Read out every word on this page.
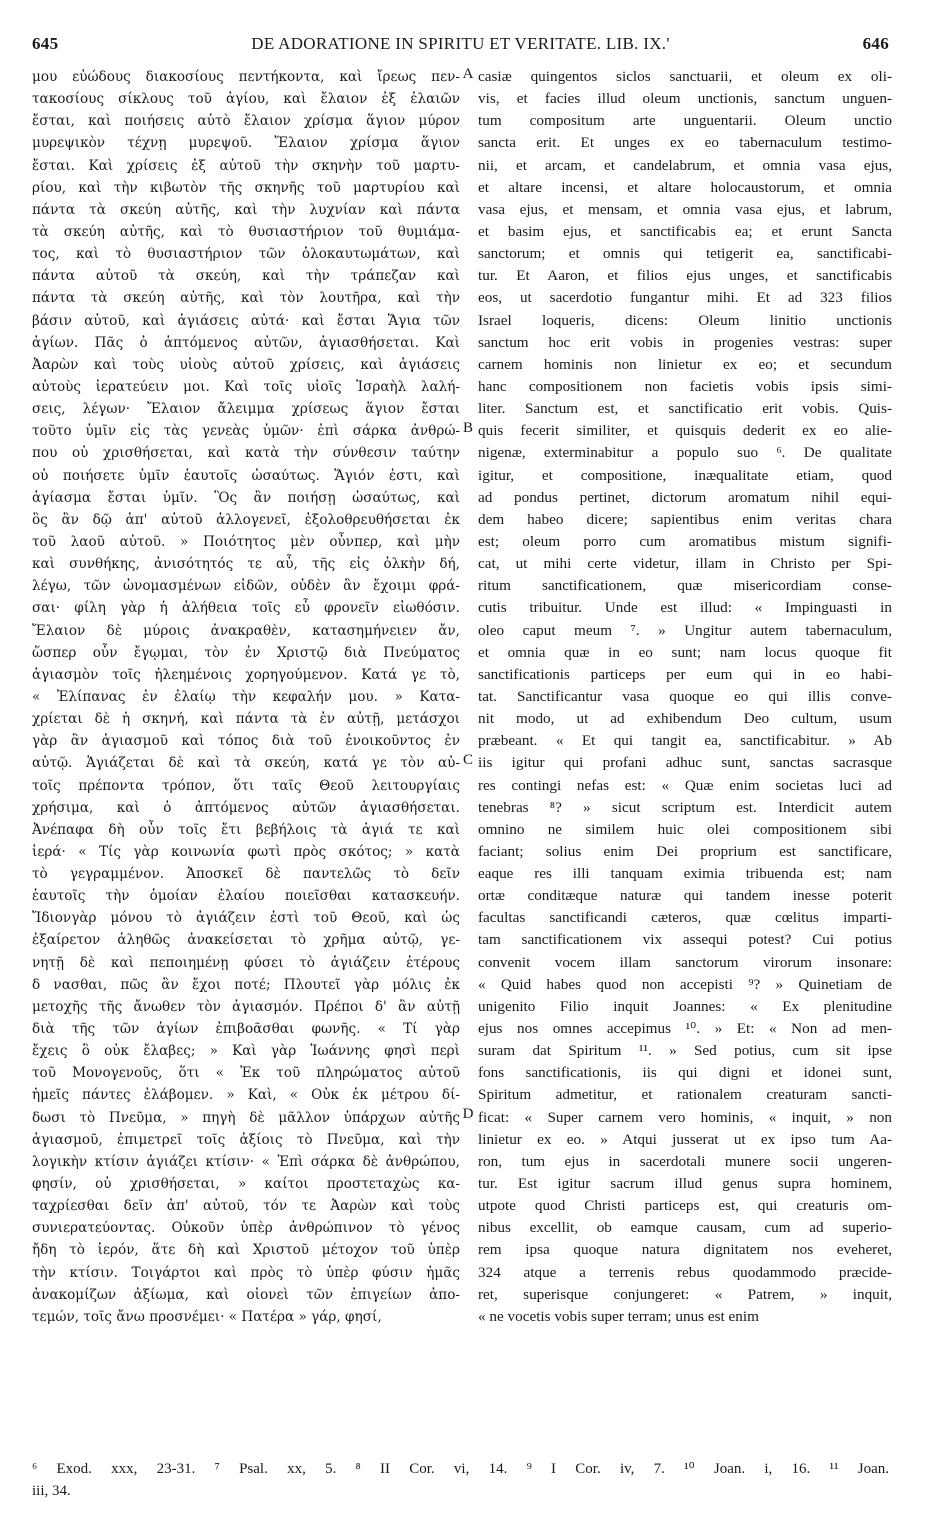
645	DE ADORATIONE IN SPIRITU ET VERITATE. LIB. IX.'	646
μου εὐώδους διακοσίους πεντήκοντα, καὶ ἴρεως πεν-
τακοσίους σίκλους τοῦ ἁγίου, καὶ ἔλαιον ἐξ ἐλαιῶν
ἔσται, καὶ ποιήσεις αὐτὸ ἔλαιον χρίσμα ἅγιον μύρον
μυρεψικὸν τέχνῃ μυρεψοῦ. Ἔλαιον χρίσμα ἅγιον
ἔσται. Καὶ χρίσεις ἐξ αὐτοῦ τὴν σκηνὴν τοῦ μαρτυ-
ρίου, καὶ τὴν κιβωτὸν τῆς σκηνῆς τοῦ μαρτυρίου καὶ
πάντα τὰ σκεύη αὐτῆς, καὶ τὴν λυχνίαν καὶ πάντα
τὰ σκεύη αὐτῆς, καὶ τὸ θυσιαστήριον τοῦ θυμιάμα-
τος, καὶ τὸ θυσιαστήριον τῶν ὁλοκαυτωμάτων, καὶ
πάντα αὐτοῦ τὰ σκεύη, καὶ τὴν τράπεζαν καὶ
πάντα τὰ σκεύη αὐτῆς, καὶ τὸν λουτῆρα, καὶ τὴν
βάσιν αὐτοῦ, καὶ ἁγιάσεις αὐτά· καὶ ἔσται Ἅγια τῶν
ἁγίων. Πᾶς ὁ ἁπτόμενος αὐτῶν, ἁγιασθήσεται. Καὶ
Ἀαρὼν καὶ τοὺς υἱοὺς αὐτοῦ χρίσεις, καὶ ἁγιάσεις
αὐτοὺς ἱερατεύειν μοι. Καὶ τοῖς υἱοῖς Ἰσραὴλ λαλή-
σεις, λέγων· Ἔλαιον ἄλειμμα χρίσεως ἅγιον ἔσται
τοῦτο ὑμῖν εἰς τὰς γενεὰς ὑμῶν· ἐπὶ σάρκα ἀνθρώ-
που οὐ χρισθήσεται, καὶ κατὰ τὴν σύνθεσιν ταύτην
οὐ ποιήσετε ὑμῖν ἑαυτοῖς ὡσαύτως. Ἅγιόν ἐστι, καὶ
ἁγίασμα ἔσται ὑμῖν. Ὃς ἂν ποιήσῃ ὡσαύτως, καὶ
ὃς ἂν δῷ ἀπ' αὐτοῦ ἀλλογενεῖ, ἐξολοθρευθήσεται ἐκ
τοῦ λαοῦ αὐτοῦ. » Ποιότητος μὲν οὖνπερ, καὶ μὴν
καὶ συνθήκης, ἀνισότητός τε αὖ, τῆς εἰς ὁλκὴν δή,
λέγω, τῶν ὠνομασμένων εἰδῶν, οὐδὲν ἂν ἔχοιμι φρά-
σαι· φίλη γὰρ ἡ ἀλήθεια τοῖς εὖ φρονεῖν εἰωθόσιν.
Ἔλαιον δὲ μύροις ἀνακραθὲν, κατασημήνειεν ἄν,
ὥσπερ οὖν ἔγῳμαι, τὸν ἐν Χριστῷ διὰ Πνεύματος
ἁγιασμὸν τοῖς ἠλεημένοις χορηγούμενον. Κατά γε τὸ,
« Ἐλίπανας ἐν ἐλαίῳ τὴν κεφαλήν μου. » Κατα-
χρίεται δὲ ἡ σκηνή, καὶ πάντα τὰ ἐν αὐτῇ, μετάσχοι
γὰρ ἂν ἁγιασμοῦ καὶ τόπος διὰ τοῦ ἐνοικοῦντος ἐν
αὐτῷ. Ἁγιάζεται δὲ καὶ τὰ σκεύη, κατά γε τὸν αὐ-
τοῖς πρέποντα τρόπον, ὅτι ταῖς Θεοῦ λειτουργίαις
χρήσιμα, καὶ ὁ ἁπτόμενος αὐτῶν ἁγιασθήσεται.
Ἀνέπαφα δὴ οὖν τοῖς ἔτι βεβήλοις τὰ ἁγιά τε καὶ
ἱερά· « Τίς γὰρ κοινωνία φωτὶ πρὸς σκότος; » κατὰ
τὸ γεγραμμένον. Ἀποσκεῖ δὲ παντελῶς τὸ δεῖν
ἑαυτοῖς τὴν ὁμοίαν ἐλαίου ποιεῖσθαι κατασκευήν.
Ἴδιονγὰρ μόνου τὸ ἁγιάζειν ἐστὶ τοῦ Θεοῦ, καὶ ὡς
ἐξαίρετον ἀληθῶς ἀνακείσεται τὸ χρῆμα αὐτῷ, γε-
νητῇ δὲ καὶ πεποιημένῃ φύσει τὸ ἁγιάζειν ἑτέρους
δ νασθαι, πῶς ἂν ἔχοι ποτέ; Πλουτεῖ γὰρ μόλις ἐκ
μετοχῆς τῆς ἄνωθεν τὸν ἁγιασμόν. Πρέποι δ' ἂν αὐτῇ
διὰ τῆς τῶν ἁγίων ἐπιβοᾶσθαι φωνῆς. « Τί γὰρ
ἔχεις ὃ οὐκ ἔλαβες; » Καὶ γὰρ Ἰωάννης φησὶ περὶ
τοῦ Μονογενοῦς, ὅτι « Ἐκ τοῦ πληρώματος αὐτοῦ
ἡμεῖς πάντες ἐλάβομεν. » Καὶ, « Οὐκ ἐκ μέτρου δί-
δωσι τὸ Πνεῦμα, » πηγὴ δὲ μᾶλλον ὑπάρχων αὐτῆς
ἁγιασμοῦ, ἐπιμετρεῖ τοῖς ἀξίοις τὸ Πνεῦμα, καὶ τὴν
λογικὴν κτίσιν ἁγιάζει κτίσιν· « Ἐπὶ σάρκα δὲ ἀνθρώπου,
φησίν, οὐ χρισθήσεται, » καίτοι προστεταχὼς κα-
ταχρίεσθαι δεῖν ἀπ' αὐτοῦ, τόν τε Ἀαρὼν καὶ τοὺς
συνιερατεύοντας. Οὐκοῦν ὑπὲρ ἀνθρώπινον τὸ γένος
ἤδη τὸ ἱερόν, ἅτε δὴ καὶ Χριστοῦ μέτοχον τοῦ ὑπὲρ
τὴν κτίσιν. Τοιγάρτοι καὶ πρὸς τὸ ὑπὲρ φύσιν ἡμᾶς
ἀνακομίζων ἀξίωμα, καὶ οἱονεὶ τῶν ἐπιγείων ἀπο-
τεμών, τοῖς ἄνω προσνέμει· « Πατέρα » γάρ, φησί,
casiæ quingentos siclos sanctuarii, et oleum ex oli-
vis, et facies illud oleum unctionis, sanctum unguen-
tum compositum arte unguentarii. Oleum unctio
sancta erit. Et unges ex eo tabernaculum testimo-
nii, et arcam, et candelabrum, et omnia vasa ejus,
et altare incensi, et altare holocaustorum, et omnia
vasa ejus, et mensam, et omnia vasa ejus, et labrum,
et basim ejus, et sanctificabis ea; et erunt Sancta
sanctorum; et omnis qui tetigerit ea, sanctificabi-
tur. Et Aaron, et filios ejus unges, et sanctificabis
eos, ut sacerdotio fungantur mihi. Et ad 323 filios
Israel loqueris, dicens: Oleum linitio unctionis
sanctum hoc erit vobis in progenies vestras: super
carnem hominis non linietur ex eo; et secundum
hanc compositionem non facietis vobis ipsis simi-
liter. Sanctum est, et sanctificatio erit vobis. Quis-
quis fecerit similiter, et quisquis dederit ex eo alie-
nigenæ, exterminabitur a populo suo ⁶. De qualitate
igitur, et compositione, inæqualitate etiam, quod
ad pondus pertinet, dictorum aromatum nihil equi-
dem habeo dicere; sapientibus enim veritas chara
est; oleum porro cum aromatibus mistum signifi-
cat, ut mihi certe videtur, illam in Christo per Spi-
ritum sanctificationem, quæ misericordiam conse-
cutis tribuitur. Unde est illud: « Impinguasti in
oleo caput meum ⁷. » Ungitur autem tabernaculum,
et omnia quæ in eo sunt; nam locus quoque fit
sanctificationis particeps per eum qui in eo habi-
tat. Sanctificantur vasa quoque eo qui illis conve-
nit modo, ut ad exhibendum Deo cultum, usum
præbeant. « Et qui tangit ea, sanctificabitur. » Ab
iis igitur qui profani adhuc sunt, sanctas sacrasque
res contingi nefas est: « Quæ enim societas luci ad
tenebras ⁸? » sicut scriptum est. Interdicit autem
omnino ne similem huic olei compositionem sibi
faciant; solius enim Dei proprium est sanctificare,
eaque res illi tanquam eximia tribuenda est; nam
ortæ conditæque naturæ qui tandem inesse poterit
facultas sanctificandi cæteros, quæ cœlitus imparti-
tam sanctificationem vix assequi potest? Cui potius
convenit vocem illam sanctorum virorum insonare:
« Quid habes quod non accepisti ⁹? » Quinetiam de
unigenito Filio inquit Joannes: « Ex plenitudine
ejus nos omnes accepimus ¹⁰. » Et: « Non ad men-
suram dat Spiritum ¹¹. » Sed potius, cum sit ipse
fons sanctificationis, iis qui digni et idonei sunt,
Spiritum admetitur, et rationalem creaturam sancti-
ficat: « Super carnem vero hominis, « inquit, » non
linietur ex eo. » Atqui jusserat ut ex ipso tum Aa-
ron, tum ejus in sacerdotali munere socii ungeren-
tur. Est igitur sacrum illud genus supra hominem,
utpote quod Christi particeps est, qui creaturis om-
nibus excellit, ob eamque causam, cum ad superio-
rem ipsa quoque natura dignitatem nos eveheret,
324 atque a terrenis rebus quodammodo præcide-
ret, superisque conjungeret: « Patrem, » inquit,
« ne vocetis vobis super terram; unus est enim
A
B
C
D
⁶ Exod. xxx, 23-31. ⁷ Psal. xx, 5. ⁸ II Cor. vi, 14. ⁹ I Cor. iv, 7. ¹⁰ Joan. i, 16. ¹¹ Joan.
iii, 34.
